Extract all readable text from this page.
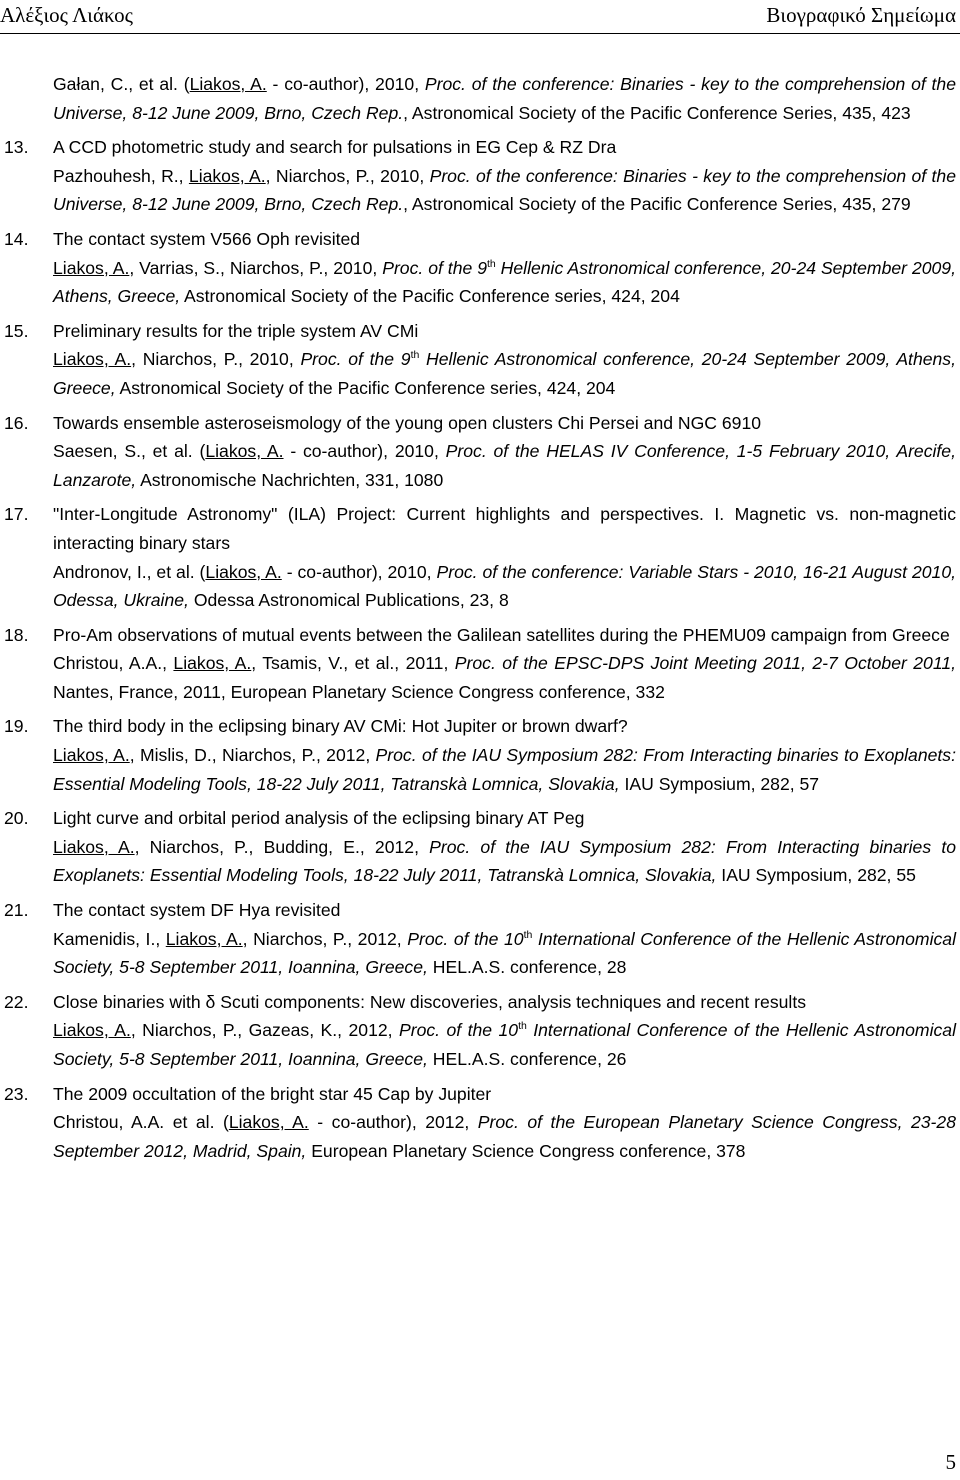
Αλέξιος Λιάκος	Βιογραφικό Σημείωμα
Gałan, C., et al. (Liakos, A. - co-author), 2010, Proc. of the conference: Binaries - key to the comprehension of the Universe, 8-12 June 2009, Brno, Czech Rep., Astronomical Society of the Pacific Conference Series, 435, 423
13. A CCD photometric study and search for pulsations in EG Cep & RZ Dra
Pazhouhesh, R., Liakos, A., Niarchos, P., 2010, Proc. of the conference: Binaries - key to the comprehension of the Universe, 8-12 June 2009, Brno, Czech Rep., Astronomical Society of the Pacific Conference Series, 435, 279
14. The contact system V566 Oph revisited
Liakos, A., Varrias, S., Niarchos, P., 2010, Proc. of the 9th Hellenic Astronomical conference, 20-24 September 2009, Athens, Greece, Astronomical Society of the Pacific Conference series, 424, 204
15. Preliminary results for the triple system AV CMi
Liakos, A., Niarchos, P., 2010, Proc. of the 9th Hellenic Astronomical conference, 20-24 September 2009, Athens, Greece, Astronomical Society of the Pacific Conference series, 424, 204
16. Towards ensemble asteroseismology of the young open clusters Chi Persei and NGC 6910
Saesen, S., et al. (Liakos, A. - co-author), 2010, Proc. of the HELAS IV Conference, 1-5 February 2010, Arecife, Lanzarote, Astronomische Nachrichten, 331, 1080
17. "Inter-Longitude Astronomy" (ILA) Project: Current highlights and perspectives. I. Magnetic vs. non-magnetic interacting binary stars
Andronov, I., et al. (Liakos, A. - co-author), 2010, Proc. of the conference: Variable Stars - 2010, 16-21 August 2010, Odessa, Ukraine, Odessa Astronomical Publications, 23, 8
18. Pro-Am observations of mutual events between the Galilean satellites during the PHEMU09 campaign from Greece
Christou, A.A., Liakos, A., Tsamis, V., et al., 2011, Proc. of the EPSC-DPS Joint Meeting 2011, 2-7 October 2011, Nantes, France, 2011, European Planetary Science Congress conference, 332
19. The third body in the eclipsing binary AV CMi: Hot Jupiter or brown dwarf?
Liakos, A., Mislis, D., Niarchos, P., 2012, Proc. of the IAU Symposium 282: From Interacting binaries to Exoplanets: Essential Modeling Tools, 18-22 July 2011, Tatranskà Lomnica, Slovakia, IAU Symposium, 282, 57
20. Light curve and orbital period analysis of the eclipsing binary AT Peg
Liakos, A., Niarchos, P., Budding, E., 2012, Proc. of the IAU Symposium 282: From Interacting binaries to Exoplanets: Essential Modeling Tools, 18-22 July 2011, Tatranskà Lomnica, Slovakia, IAU Symposium, 282, 55
21. The contact system DF Hya revisited
Kamenidis, I., Liakos, A., Niarchos, P., 2012, Proc. of the 10th International Conference of the Hellenic Astronomical Society, 5-8 September 2011, Ioannina, Greece, HEL.A.S. conference, 28
22. Close binaries with δ Scuti components: New discoveries, analysis techniques and recent results
Liakos, A., Niarchos, P., Gazeas, K., 2012, Proc. of the 10th International Conference of the Hellenic Astronomical Society, 5-8 September 2011, Ioannina, Greece, HEL.A.S. conference, 26
23. The 2009 occultation of the bright star 45 Cap by Jupiter
Christou, A.A. et al. (Liakos, A. - co-author), 2012, Proc. of the European Planetary Science Congress, 23-28 September 2012, Madrid, Spain, European Planetary Science Congress conference, 378
5
